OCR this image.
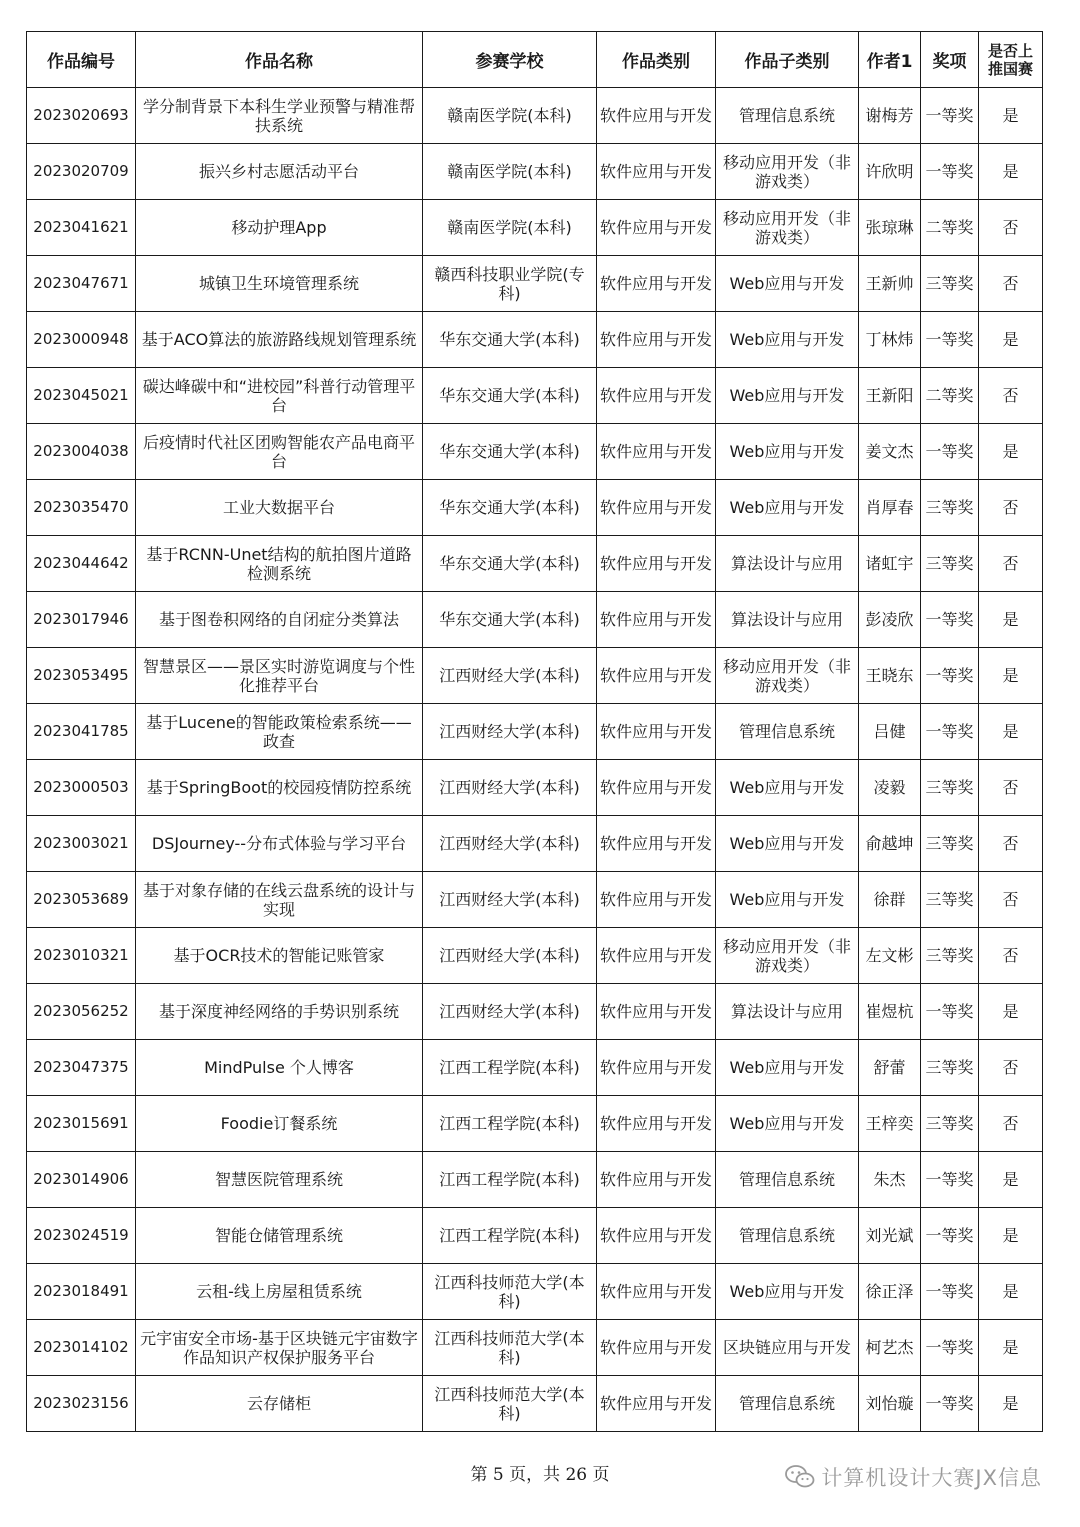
作品编号	作品名称	参赛学校	作品类别	作品子类别	作者1	奖项	是否上推国赛
2023020693	学分制背景下本科生学业预警与精准帮扶系统	赣南医学院(本科)	软件应用与开发	管理信息系统	谢梅芳	一等奖	是
2023020709	振兴乡村志愿活动平台	赣南医学院(本科)	软件应用与开发	移动应用开发（非游戏类）	许欣明	一等奖	是
2023041621	移动护理App	赣南医学院(本科)	软件应用与开发	移动应用开发（非游戏类）	张琼琳	二等奖	否
2023047671	城镇卫生环境管理系统	赣西科技职业学院(专科)	软件应用与开发	Web应用与开发	王新帅	三等奖	否
2023000948	基于ACO算法的旅游路线规划管理系统	华东交通大学(本科)	软件应用与开发	Web应用与开发	丁林炜	一等奖	是
2023045021	碳达峰碳中和“进校园”科普行动管理平台	华东交通大学(本科)	软件应用与开发	Web应用与开发	王新阳	二等奖	否
2023004038	后疫情时代社区团购智能农产品电商平台	华东交通大学(本科)	软件应用与开发	Web应用与开发	姜文杰	一等奖	是
2023035470	工业大数据平台	华东交通大学(本科)	软件应用与开发	Web应用与开发	肖厚春	三等奖	否
2023044642	基于RCNN-Unet结构的航拍图片道路检测系统	华东交通大学(本科)	软件应用与开发	算法设计与应用	诸虹宇	三等奖	否
2023017946	基于图卷积网络的自闭症分类算法	华东交通大学(本科)	软件应用与开发	算法设计与应用	彭凌欣	一等奖	是
2023053495	智慧景区——景区实时游览调度与个性化推荐平台	江西财经大学(本科)	软件应用与开发	移动应用开发（非游戏类）	王晓东	一等奖	是
2023041785	基于Lucene的智能政策检索系统——政查	江西财经大学(本科)	软件应用与开发	管理信息系统	吕健	一等奖	是
2023000503	基于SpringBoot的校园疫情防控系统	江西财经大学(本科)	软件应用与开发	Web应用与开发	凌毅	三等奖	否
2023003021	DSJourney--分布式体验与学习平台	江西财经大学(本科)	软件应用与开发	Web应用与开发	俞越坤	三等奖	否
2023053689	基于对象存储的在线云盘系统的设计与实现	江西财经大学(本科)	软件应用与开发	Web应用与开发	徐群	三等奖	否
2023010321	基于OCR技术的智能记账管家	江西财经大学(本科)	软件应用与开发	移动应用开发（非游戏类）	左文彬	三等奖	否
2023056252	基于深度神经网络的手势识别系统	江西财经大学(本科)	软件应用与开发	算法设计与应用	崔煜杭	一等奖	是
2023047375	MindPulse 个人博客	江西工程学院(本科)	软件应用与开发	Web应用与开发	舒蕾	三等奖	否
2023015691	Foodie订餐系统	江西工程学院(本科)	软件应用与开发	Web应用与开发	王梓奕	三等奖	否
2023014906	智慧医院管理系统	江西工程学院(本科)	软件应用与开发	管理信息系统	朱杰	一等奖	是
2023024519	智能仓储管理系统	江西工程学院(本科)	软件应用与开发	管理信息系统	刘光斌	一等奖	是
2023018491	云租-线上房屋租赁系统	江西科技师范大学(本科)	软件应用与开发	Web应用与开发	徐正泽	一等奖	是
2023014102	元宇宙安全市场-基于区块链元宇宙数字作品知识产权保护服务平台	江西科技师范大学(本科)	软件应用与开发	区块链应用与开发	柯艺杰	一等奖	是
2023023156	云存储柜	江西科技师范大学(本科)	软件应用与开发	管理信息系统	刘怡璇	一等奖	是
第 5 页，共 26 页	计算机设计大赛JX信息
